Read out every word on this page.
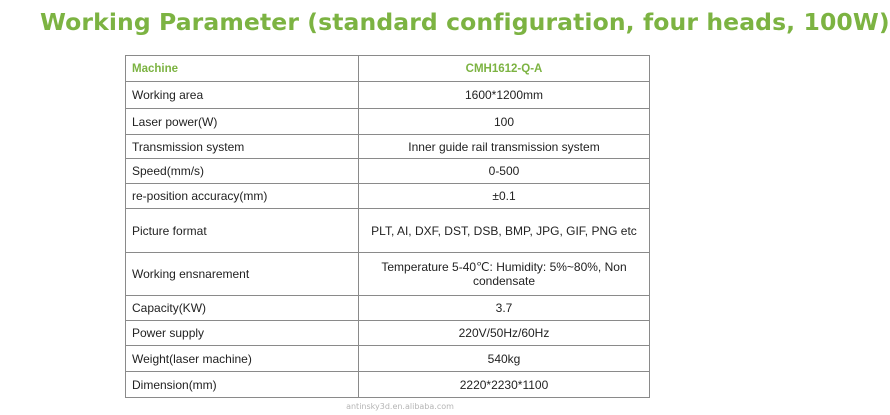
Working Parameter (standard configuration, four heads, 100W)
Machine	CMH1612-Q-A
Working area	1600*1200mm
Laser power(W)	100
Transmission system	Inner guide rail transmission system
Speed(mm/s)	0-500
re-position accuracy(mm)	±0.1
Picture format	PLT, AI, DXF, DST, DSB, BMP, JPG, GIF, PNG etc
Working ensnarement	Temperature 5-40℃: Humidity: 5%~80%, Non condensate
Capacity(KW)	3.7
Power supply	220V/50Hz/60Hz
Weight(laser machine)	540kg
Dimension(mm)	2220*2230*1100
antinsky3d.en.alibaba.com
